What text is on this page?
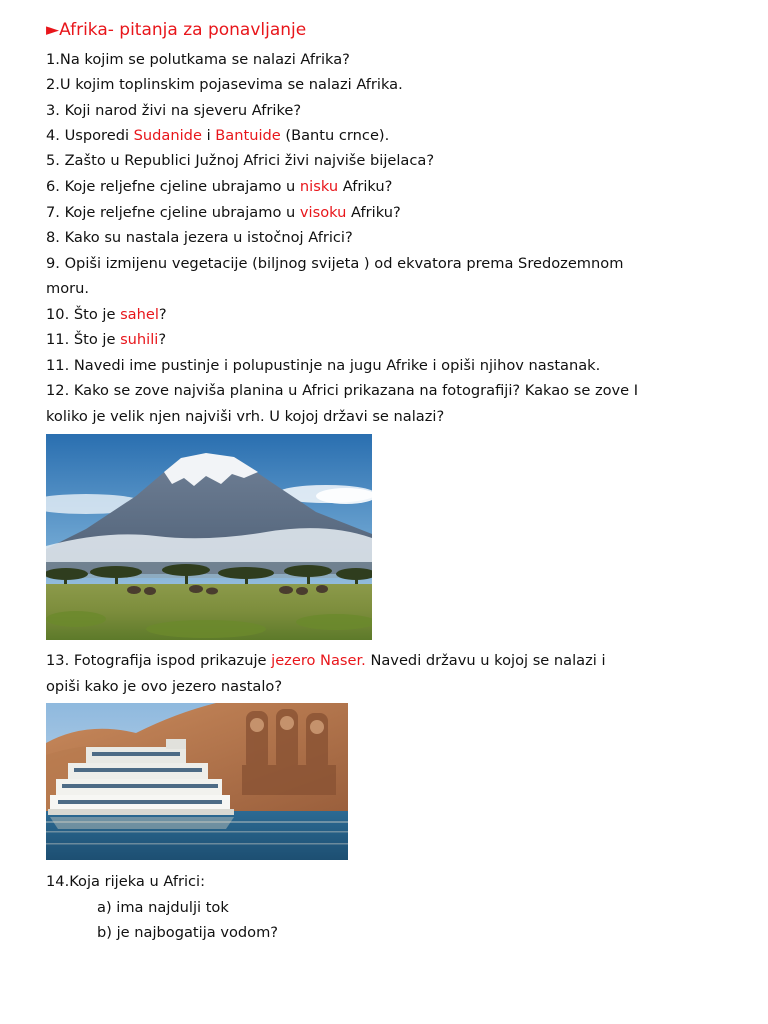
►Afrika- pitanja za ponavljanje
1.Na kojim se polutkama se nalazi Afrika?
2.U kojim toplinskim pojasevima se nalazi Afrika.
3. Koji narod živi na sjeveru Afrike?
4. Usporedi Sudanide i Bantuide (Bantu crnce).
5. Zašto u Republici Južnoj Africi živi najviše bijelaca?
6. Koje reljefne cjeline ubrajamo u nisku Afriku?
7. Koje reljefne cjeline ubrajamo u visoku Afriku?
8. Kako su nastala jezera u istočnoj Africi?
9. Opiši izmijenu vegetacije (biljnog svijeta ) od ekvatora prema Sredozemnom
moru.
10. Što je sahel?
11. Što je suhili?
11. Navedi ime pustinje i polupustinje na jugu Afrike i opiši njihov nastanak.
12. Kako se zove najviša planina u Africi prikazana na fotografiji? Kakao se zove I
koliko je velik njen najviši vrh. U kojoj državi se nalazi?
13. Fotografija ispod prikazuje jezero Naser. Navedi državu u kojoj se nalazi i
opiši kako je ovo jezero nastalo?
14.Koja rijeka u Africi:
a) ima najdulji tok
b) je najbogatija vodom?
